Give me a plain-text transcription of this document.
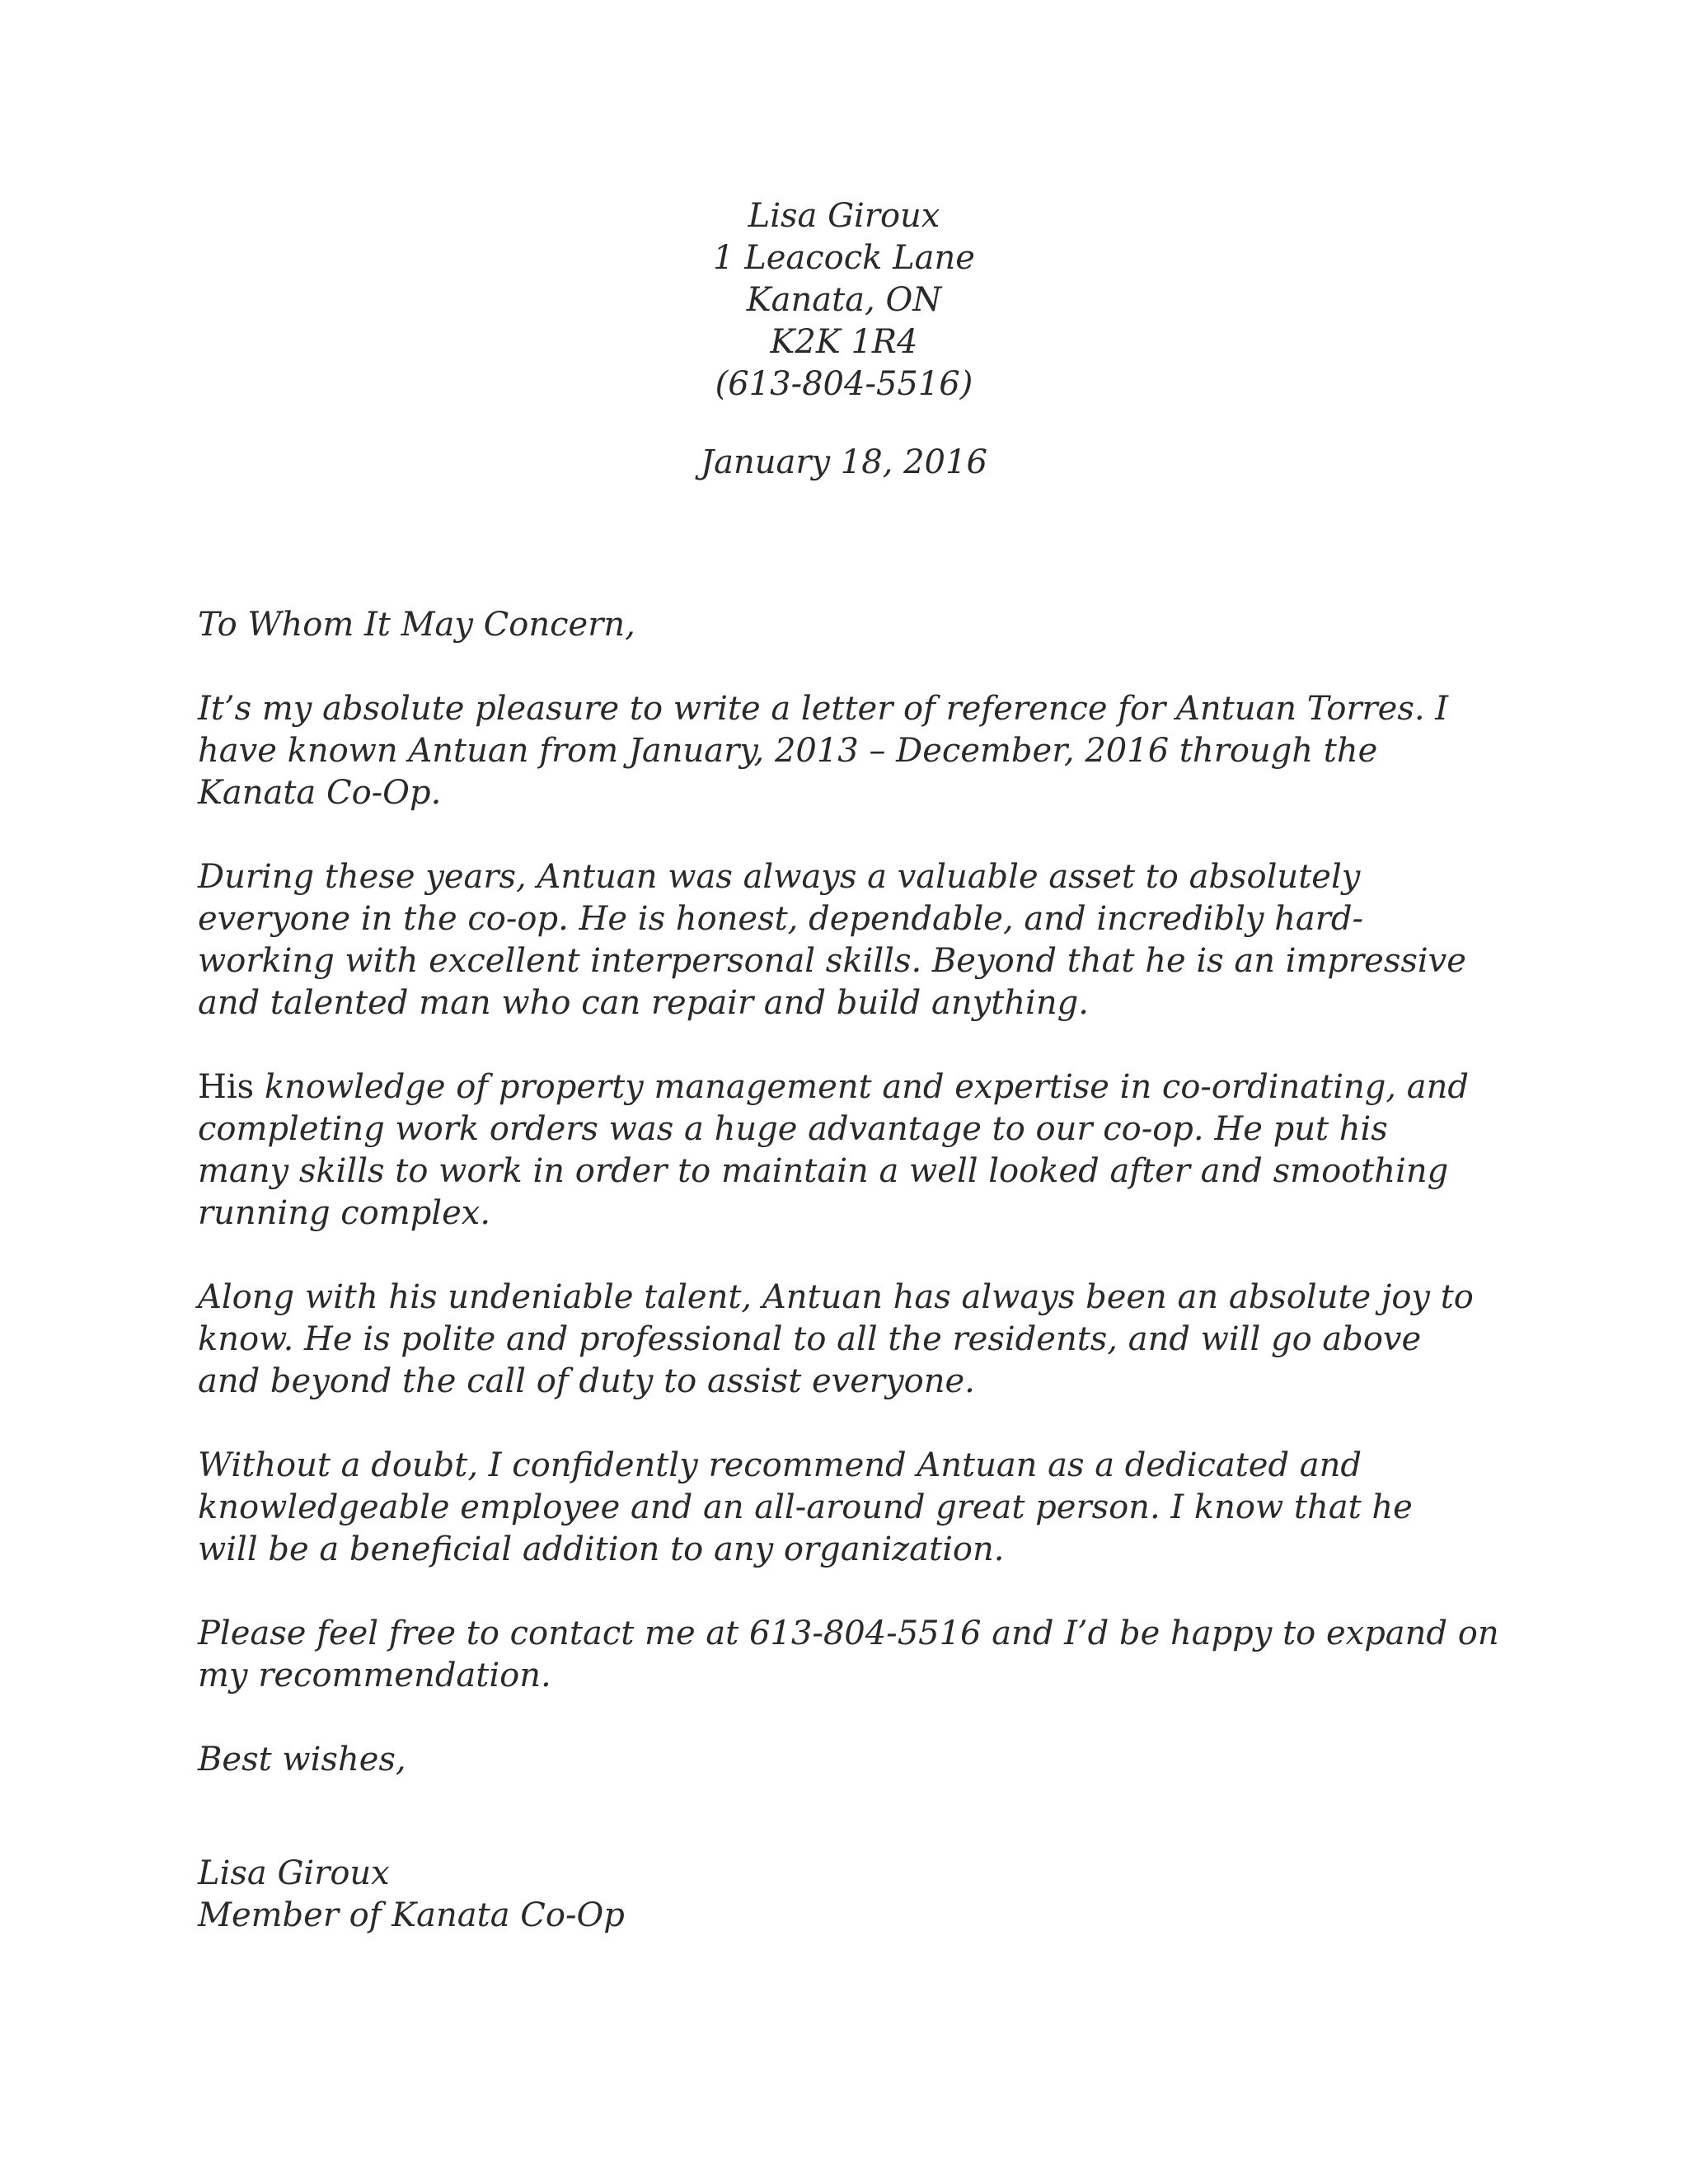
Lisa Giroux
1 Leacock Lane
Kanata, ON
K2K 1R4
(613-804-5516)
January 18, 2016

To Whom It May Concern,

It’s my absolute pleasure to write a letter of reference for Antuan Torres. I
have known Antuan from January, 2013 – December, 2016 through the
Kanata Co-Op.

During these years, Antuan was always a valuable asset to absolutely
everyone in the co-op. He is honest, dependable, and incredibly hard-
working with excellent interpersonal skills. Beyond that he is an impressive
and talented man who can repair and build anything.

His knowledge of property management and expertise in co-ordinating, and
completing work orders was a huge advantage to our co-op. He put his
many skills to work in order to maintain a well looked after and smoothing
running complex.

Along with his undeniable talent, Antuan has always been an absolute joy to
know. He is polite and professional to all the residents, and will go above
and beyond the call of duty to assist everyone.

Without a doubt, I confidently recommend Antuan as a dedicated and
knowledgeable employee and an all-around great person. I know that he
will be a beneficial addition to any organization.

Please feel free to contact me at 613-804-5516 and I’d be happy to expand on
my recommendation.

Best wishes,

Lisa Giroux
Member of Kanata Co-Op
